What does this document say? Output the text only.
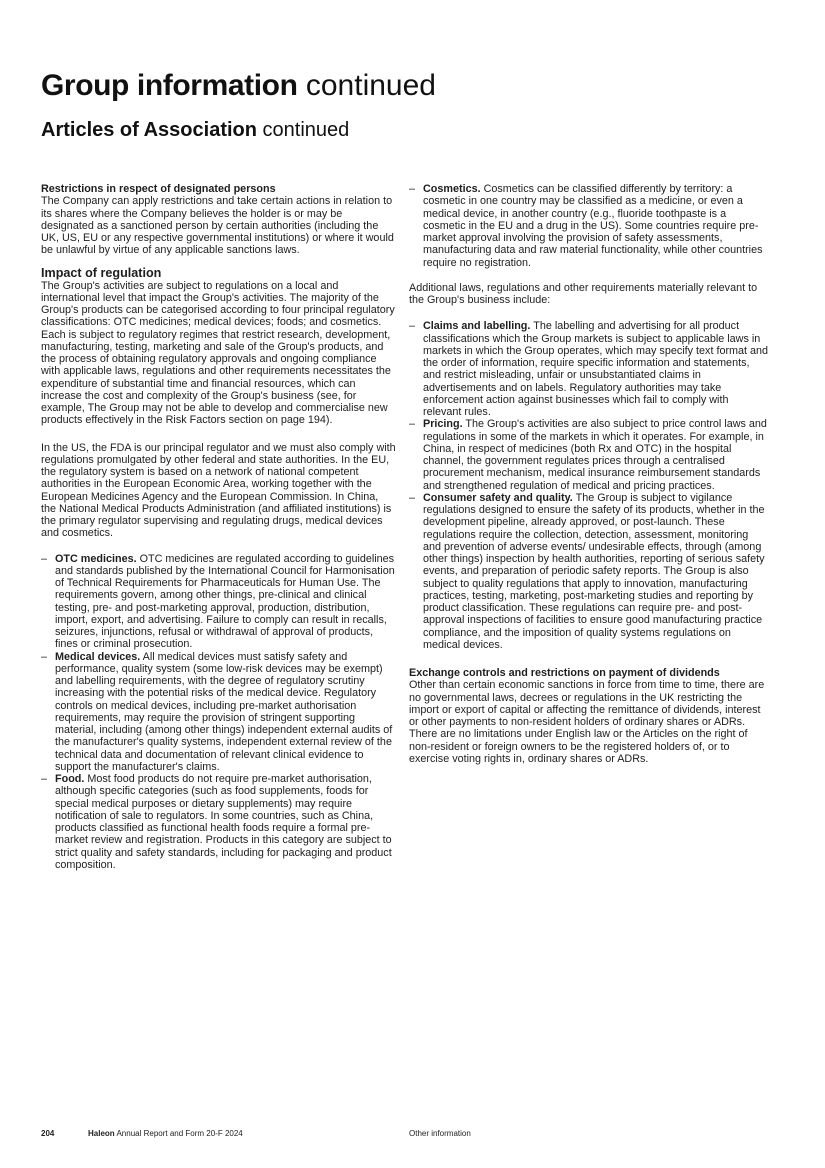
Group information continued
Articles of Association continued

Restrictions in respect of designated persons

The Company can apply restrictions and take certain actions in relation to its shares where the Company believes the holder is or may be designated as a sanctioned person by certain authorities (including the UK, US, EU or any respective governmental institutions) or where it would be unlawful by virtue of any applicable sanctions laws.

Impact of regulation

The Group's activities are subject to regulations on a local and international level that impact the Group's activities. The majority of the Group's products can be categorised according to four principal regulatory classifications: OTC medicines; medical devices; foods; and cosmetics. Each is subject to regulatory regimes that restrict research, development, manufacturing, testing, marketing and sale of the Group's products, and the process of obtaining regulatory approvals and ongoing compliance with applicable laws, regulations and other requirements necessitates the expenditure of substantial time and financial resources, which can increase the cost and complexity of the Group's business (see, for example, The Group may not be able to develop and commercialise new products effectively in the Risk Factors section on page 194).

In the US, the FDA is our principal regulator and we must also comply with regulations promulgated by other federal and state authorities. In the EU, the regulatory system is based on a network of national competent authorities in the European Economic Area, working together with the European Medicines Agency and the European Commission. In China, the National Medical Products Administration (and affiliated institutions) is the primary regulator supervising and regulating drugs, medical devices and cosmetics.

– OTC medicines. OTC medicines are regulated according to guidelines and standards published by the International Council for Harmonisation of Technical Requirements for Pharmaceuticals for Human Use. The requirements govern, among other things, pre-clinical and clinical testing, pre- and post-marketing approval, production, distribution, import, export, and advertising. Failure to comply can result in recalls, seizures, injunctions, refusal or withdrawal of approval of products, fines or criminal prosecution.
– Medical devices. All medical devices must satisfy safety and performance, quality system (some low-risk devices may be exempt) and labelling requirements, with the degree of regulatory scrutiny increasing with the potential risks of the medical device. Regulatory controls on medical devices, including pre-market authorisation requirements, may require the provision of stringent supporting material, including (among other things) independent external audits of the manufacturer's quality systems, independent external review of the technical data and documentation of relevant clinical evidence to support the manufacturer's claims.
– Food. Most food products do not require pre-market authorisation, although specific categories (such as food supplements, foods for special medical purposes or dietary supplements) may require notification of sale to regulators. In some countries, such as China, products classified as functional health foods require a formal pre-market review and registration. Products in this category are subject to strict quality and safety standards, including for packaging and product composition.
– Cosmetics. Cosmetics can be classified differently by territory: a cosmetic in one country may be classified as a medicine, or even a medical device, in another country (e.g., fluoride toothpaste is a cosmetic in the EU and a drug in the US). Some countries require pre-market approval involving the provision of safety assessments, manufacturing data and raw material functionality, while other countries require no registration.

Additional laws, regulations and other requirements materially relevant to the Group's business include:

– Claims and labelling. The labelling and advertising for all product classifications which the Group markets is subject to applicable laws in markets in which the Group operates, which may specify text format and the order of information, require specific information and statements, and restrict misleading, unfair or unsubstantiated claims in advertisements and on labels. Regulatory authorities may take enforcement action against businesses which fail to comply with relevant rules.
– Pricing. The Group's activities are also subject to price control laws and regulations in some of the markets in which it operates. For example, in China, in respect of medicines (both Rx and OTC) in the hospital channel, the government regulates prices through a centralised procurement mechanism, medical insurance reimbursement standards and strengthened regulation of medical and pricing practices.
– Consumer safety and quality. The Group is subject to vigilance regulations designed to ensure the safety of its products, whether in the development pipeline, already approved, or post-launch. These regulations require the collection, detection, assessment, monitoring and prevention of adverse events/ undesirable effects, through (among other things) inspection by health authorities, reporting of serious safety events, and preparation of periodic safety reports. The Group is also subject to quality regulations that apply to innovation, manufacturing practices, testing, marketing, post-marketing studies and reporting by product classification. These regulations can require pre- and post-approval inspections of facilities to ensure good manufacturing practice compliance, and the imposition of quality systems regulations on medical devices.

Exchange controls and restrictions on payment of dividends

Other than certain economic sanctions in force from time to time, there are no governmental laws, decrees or regulations in the UK restricting the import or export of capital or affecting the remittance of dividends, interest or other payments to non-resident holders of ordinary shares or ADRs. There are no limitations under English law or the Articles on the right of non-resident or foreign owners to be the registered holders of, or to exercise voting rights in, ordinary shares or ADRs.

204	Haleon Annual Report and Form 20-F 2024	Other information
